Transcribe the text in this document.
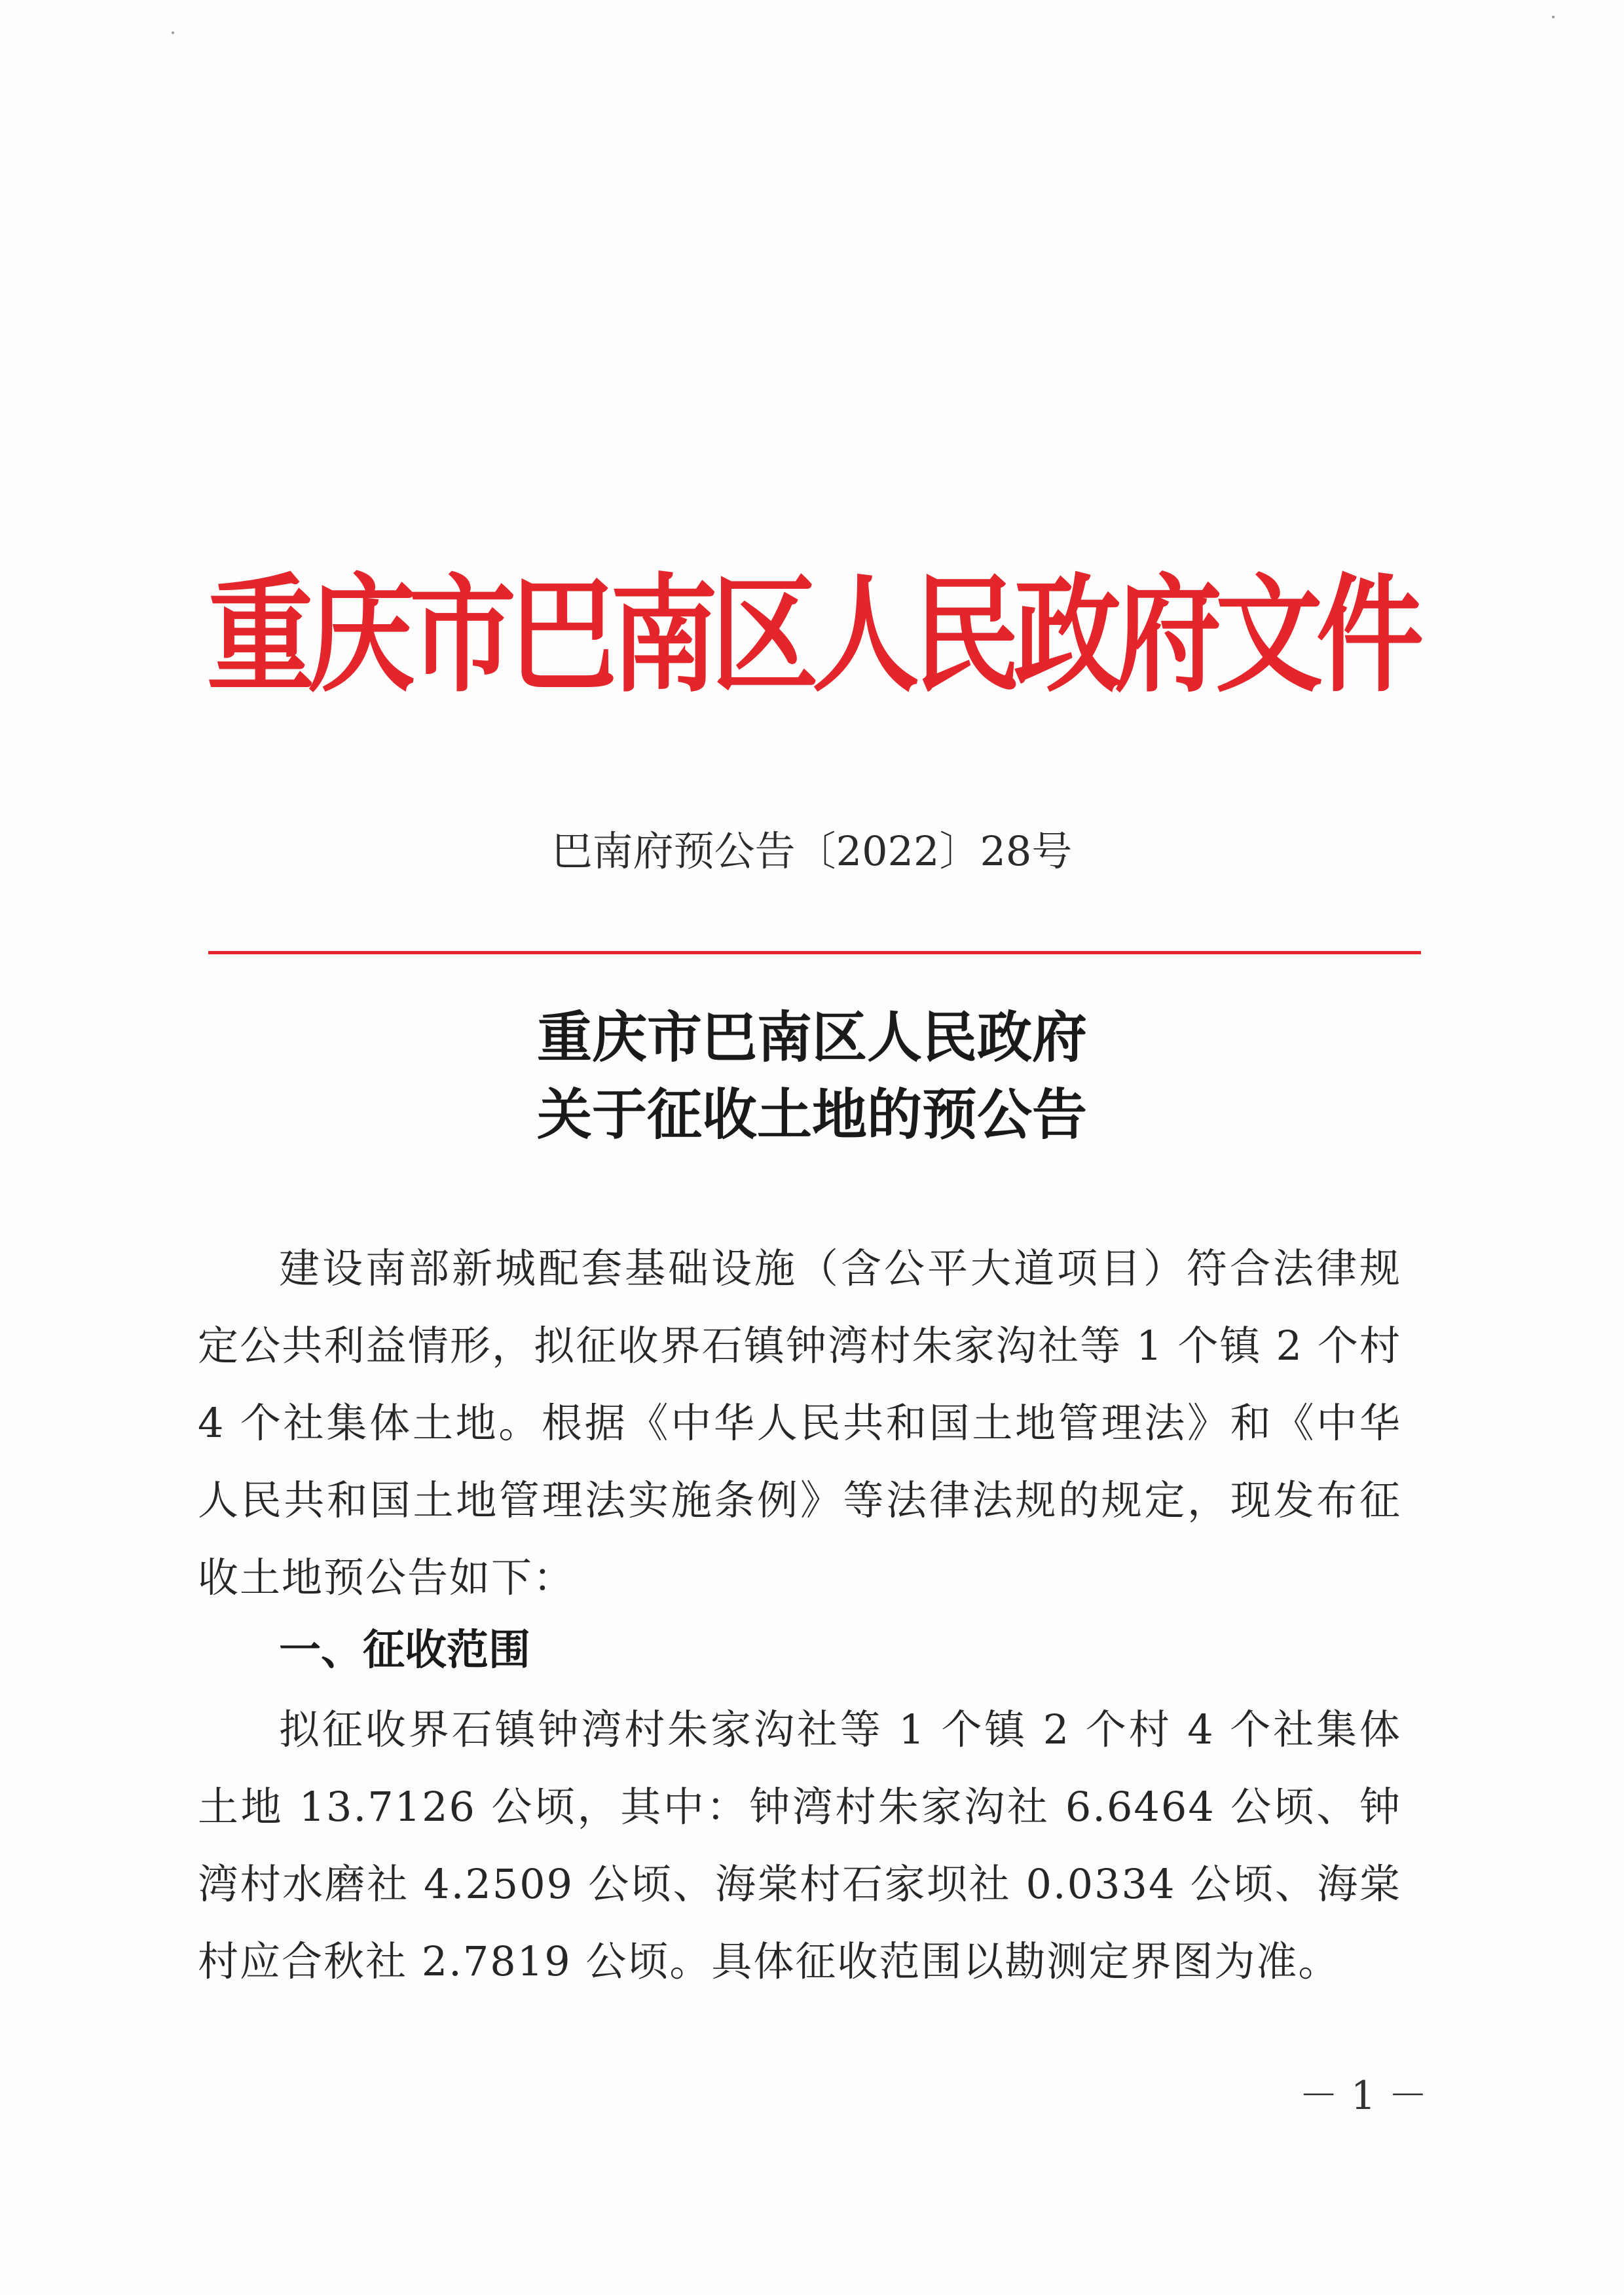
重庆市巴南区人民政府文件
巴南府预公告〔2022〕28号
重庆市巴南区人民政府
关于征收土地的预公告
建设南部新城配套基础设施（含公平大道项目）符合法律规定公共利益情形，拟征收界石镇钟湾村朱家沟社等 1 个镇 2 个村 4 个社集体土地。根据《中华人民共和国土地管理法》和《中华人民共和国土地管理法实施条例》等法律法规的规定，现发布征收土地预公告如下：
一、征收范围
拟征收界石镇钟湾村朱家沟社等 1 个镇 2 个村 4 个社集体土地 13.7126 公顷，其中：钟湾村朱家沟社 6.6464 公顷、钟湾村水磨社 4.2509 公顷、海棠村石家坝社 0.0334 公顷、海棠村应合秋社 2.7819 公顷。具体征收范围以勘测定界图为准。
－ 1 －
